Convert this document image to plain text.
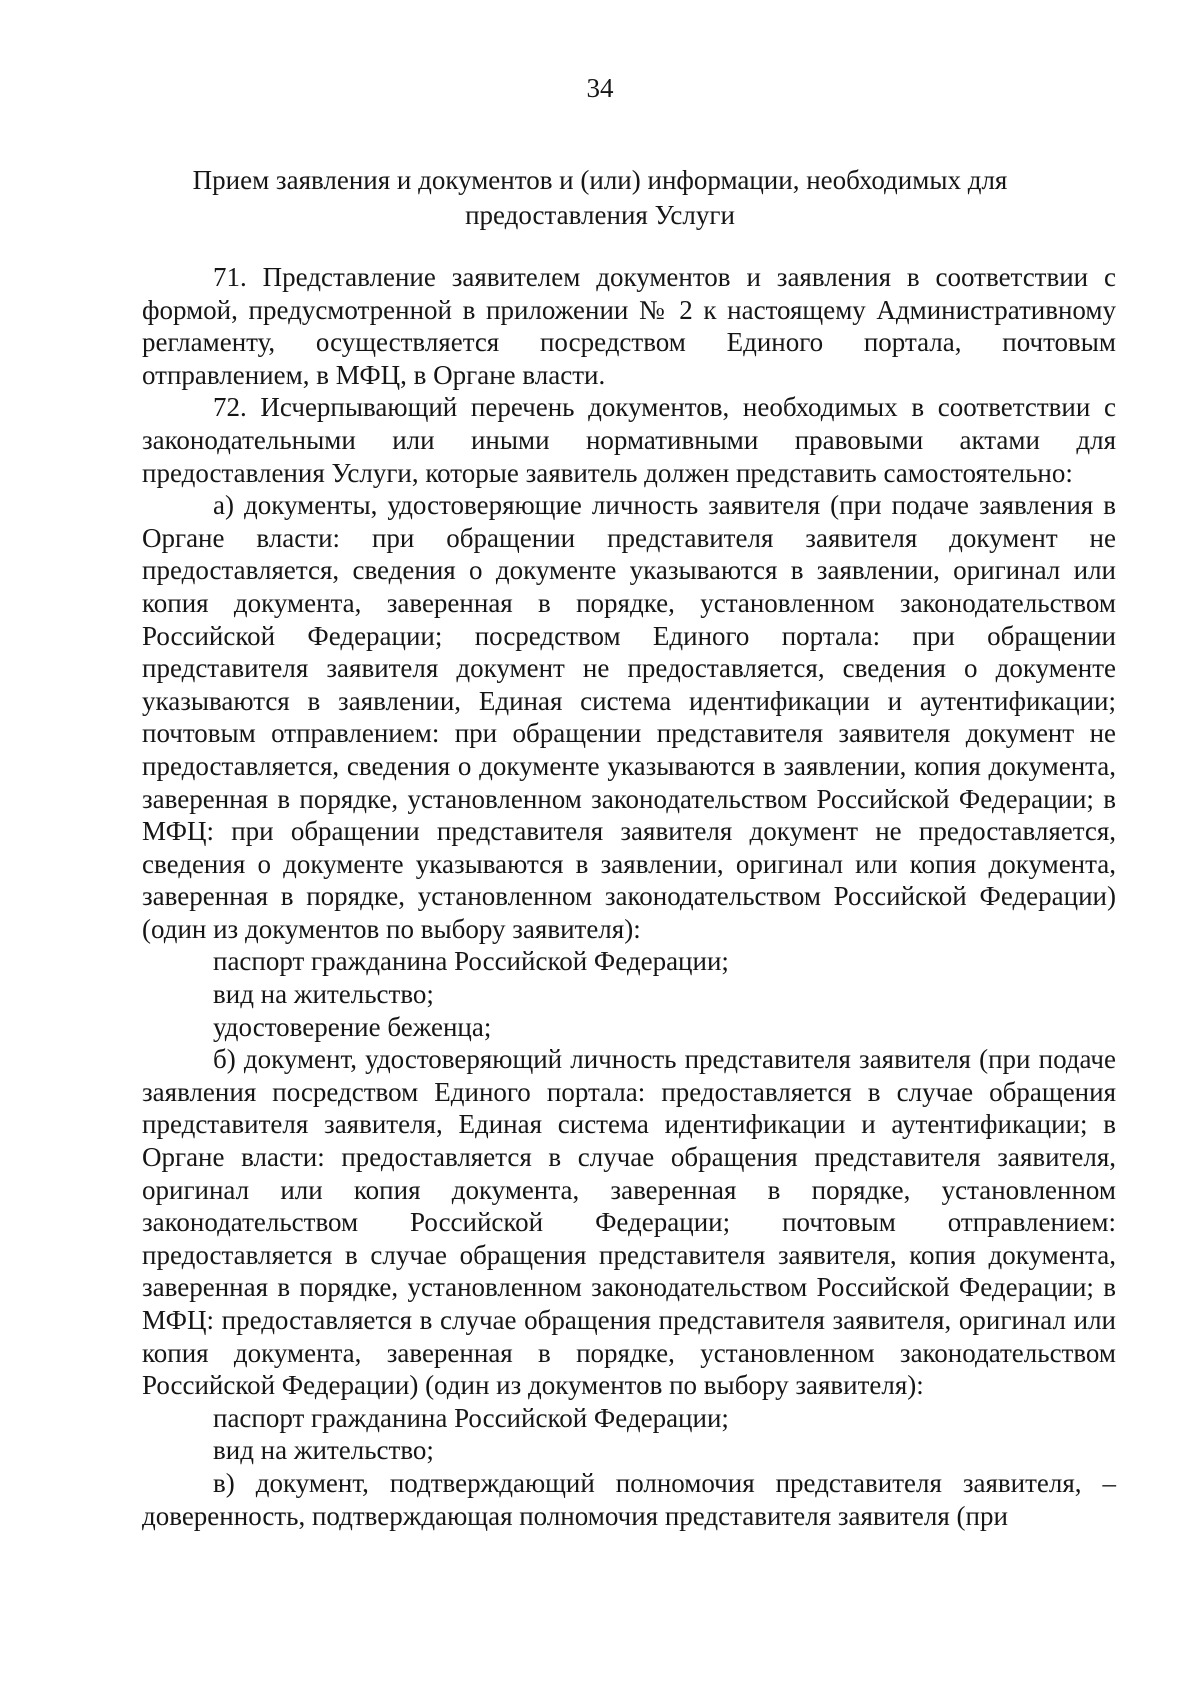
34
Прием заявления и документов и (или) информации, необходимых для
предоставления Услуги

71. Представление заявителем документов и заявления в соответствии с формой, предусмотренной в приложении № 2 к настоящему Административному регламенту, осуществляется посредством Единого портала, почтовым отправлением, в МФЦ, в Органе власти.

72. Исчерпывающий перечень документов, необходимых в соответствии с законодательными или иными нормативными правовыми актами для предоставления Услуги, которые заявитель должен представить самостоятельно:

а) документы, удостоверяющие личность заявителя (при подаче заявления в Органе власти: при обращении представителя заявителя документ не предоставляется, сведения о документе указываются в заявлении, оригинал или копия документа, заверенная в порядке, установленном законодательством Российской Федерации; посредством Единого портала: при обращении представителя заявителя документ не предоставляется, сведения о документе указываются в заявлении, Единая система идентификации и аутентификации; почтовым отправлением: при обращении представителя заявителя документ не предоставляется, сведения о документе указываются в заявлении, копия документа, заверенная в порядке, установленном законодательством Российской Федерации; в МФЦ: при обращении представителя заявителя документ не предоставляется, сведения о документе указываются в заявлении, оригинал или копия документа, заверенная в порядке, установленном законодательством Российской Федерации) (один из документов по выбору заявителя):

паспорт гражданина Российской Федерации;

вид на жительство;

удостоверение беженца;

б) документ, удостоверяющий личность представителя заявителя (при подаче заявления посредством Единого портала: предоставляется в случае обращения представителя заявителя, Единая система идентификации и аутентификации; в Органе власти: предоставляется в случае обращения представителя заявителя, оригинал или копия документа, заверенная в порядке, установленном законодательством Российской Федерации; почтовым отправлением: предоставляется в случае обращения представителя заявителя, копия документа, заверенная в порядке, установленном законодательством Российской Федерации; в МФЦ: предоставляется в случае обращения представителя заявителя, оригинал или копия документа, заверенная в порядке, установленном законодательством Российской Федерации) (один из документов по выбору заявителя):

паспорт гражданина Российской Федерации;

вид на жительство;

в) документ, подтверждающий полномочия представителя заявителя, – доверенность, подтверждающая полномочия представителя заявителя (при
